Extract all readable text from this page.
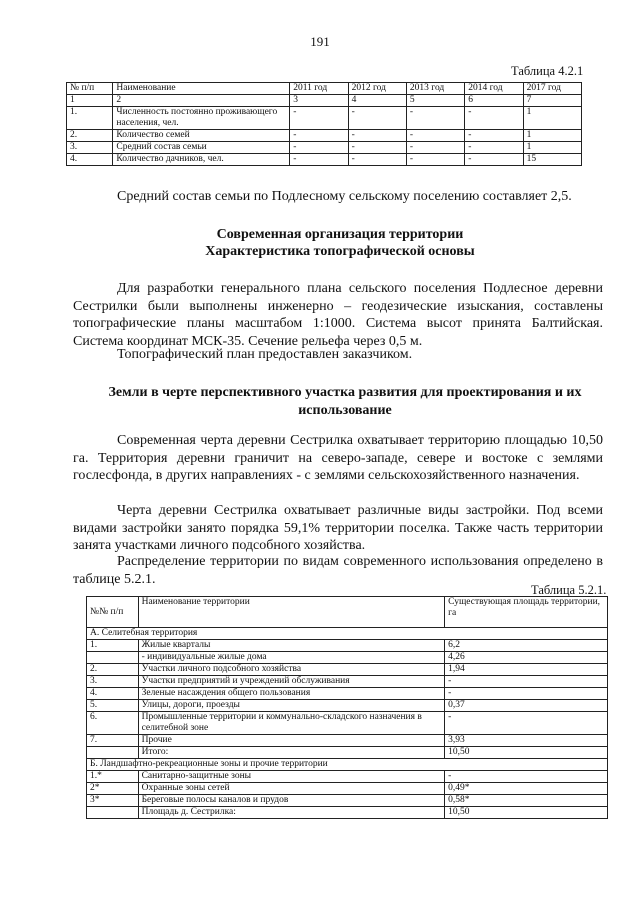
191
Таблица 4.2.1
№ п/п	Наименование	2011 год	2012 год	2013 год	2014 год	2017 год
1	2	3	4	5	6	7
1.	Численность постоянно проживающего населения, чел.	-	-	-	-	1
2.	Количество семей	-	-	-	-	1
3.	Средний состав семьи	-	-	-	-	1
4.	Количество дачников, чел.	-	-	-	-	15
Средний состав семьи по Подлесному сельскому поселению составляет 2,5.
Современная организация территории
Характеристика топографической основы
Для разработки генерального плана сельского поселения Подлесное деревни Сестрилки были выполнены инженерно – геодезические изыскания, составлены топографические планы масштабом 1:1000. Система высот принята Балтийская. Система координат МСК-35. Сечение рельефа через 0,5 м.
Топографический план предоставлен заказчиком.
Земли в черте перспективного участка развития для проектирования и их использование
Современная черта деревни Сестрилка охватывает территорию площадью 10,50 га. Территория деревни граничит на северо-западе, севере и востоке с землями гослесфонда, в других направлениях - с землями сельскохозяйственного назначения.
Черта деревни Сестрилка охватывает различные виды застройки. Под всеми видами застройки занято порядка 59,1% территории поселка. Также часть территории занята участками личного подсобного хозяйства.
Распределение территории по видам современного использования определено в таблице 5.2.1.
Таблица 5.2.1.
№№ п/п	Наименование территории	Существующая площадь территории, га
А. Селитебная территория		
1.	Жилые кварталы	6,2
	- индивидуальные жилые дома	4,26
2.	Участки личного подсобного хозяйства	1,94
3.	Участки предприятий и учреждений обслуживания	-
4.	Зеленые насаждения общего пользования	-
5.	Улицы, дороги, проезды	0,37
6.	Промышленные территории и коммунально-складского назначения в селитебной зоне	-
7.	Прочие	3,93
	Итого:	10,50
Б. Ландшафтно-рекреационные зоны и прочие территории		
1.*	Санитарно-защитные зоны	-
2*	Охранные зоны сетей	0,49*
3*	Береговые полосы каналов и прудов	0,58*
	Площадь д. Сестрилка:	10,50
